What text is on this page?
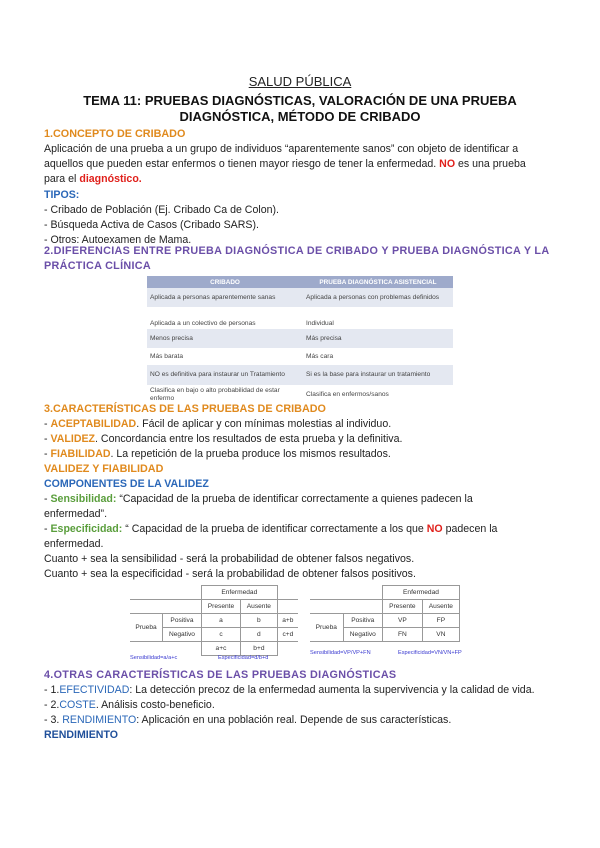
SALUD PÚBLICA
TEMA 11: PRUEBAS DIAGNÓSTICAS, VALORACIÓN DE UNA PRUEBA
DIAGNÓSTICA, MÉTODO DE CRIBADO
1.CONCEPTO DE CRIBADO
Aplicación de una prueba a un grupo de individuos “aparentemente sanos” con objeto de identificar a
aquellos que pueden estar enfermos o tienen mayor riesgo de tener la enfermedad. NO es una prueba
para el diagnóstico.
TIPOS:
- Cribado de Población (Ej. Cribado Ca de Colon).
- Búsqueda Activa de Casos (Cribado SARS).
- Otros: Autoexamen de Mama.
2.DIFERENCIAS ENTRE PRUEBA DIAGNÓSTICA DE CRIBADO Y PRUEBA DIAGNÓSTICA Y LA
PRÁCTICA CLÍNICA
CRIBADO	PRUEBA DIAGNÓSTICA ASISTENCIAL
Aplicada a personas aparentemente sanas	Aplicada a personas con problemas definidos
Aplicada a un colectivo de personas	Individual
Menos precisa	Más precisa
Más barata	Más cara
NO es definitiva para instaurar un Tratamiento	Si es la base para instaurar un tratamiento
Clasifica en bajo o alto probabilidad de estar enfermo	Clasifica en enfermos/sanos
3.CARACTERÍSTICAS DE LAS PRUEBAS DE CRIBADO
- ACEPTABILIDAD. Fácil de aplicar y con mínimas molestias al individuo.
- VALIDEZ. Concordancia entre los resultados de esta prueba y la definitiva.
- FIABILIDAD. La repetición de la prueba produce los mismos resultados.
VALIDEZ Y FIABILIDAD
COMPONENTES DE LA VALIDEZ
- Sensibilidad: “Capacidad de la prueba de identificar correctamente a quienes padecen la
enfermedad”.
- Especificidad: “ Capacidad de la prueba de identificar correctamente a los que NO padecen la
enfermedad.
Cuanto + sea la sensibilidad - será la probabilidad de obtener falsos negativos.
Cuanto + sea la especificidad - será la probabilidad de obtener falsos positivos.
		Enfermedad		
		Presente	Ausente	
Prueba	Positiva	a	b	a+b
	Negativo	c	d	c+d
		a+c	b+d	
Sensibilidad=a/a+c	Especificidad=d/b+d
		Enfermedad	
		Presente	Ausente
Prueba	Positiva	VP	FP
	Negativo	FN	VN
Sensibilidad=VP/VP+FN	Especificidad=VN/VN+FP
4.OTRAS CARACTERÍSTICAS DE LAS PRUEBAS DIAGNÓSTICAS
- 1.EFECTIVIDAD: La detección precoz de la enfermedad aumenta la supervivencia y la calidad de vida.
- 2.COSTE. Análisis costo-beneficio.
- 3. RENDIMIENTO: Aplicación en una población real. Depende de sus características.
RENDIMIENTO
